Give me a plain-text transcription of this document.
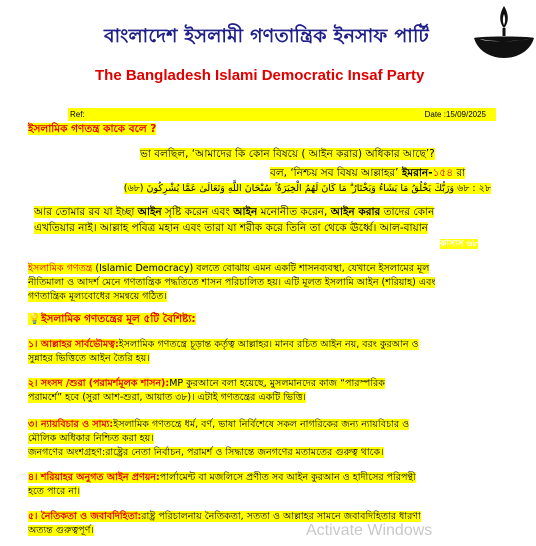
বাংলাদেশ ইসলামী গণতান্ত্রিক ইনসাফ পার্টি
The Bangladesh Islami Democratic Insaf Party
Ref:	Date :15/09/2025
ইসলামিক গণতন্ত্র কাকে বলে ?
ভা বলছিল, ‘আমাদের কি কোন বিষয়ে ( আইন করার) অধিকার আছে’?
বল, ‘নিশ্চয় সব বিষয় আল্লাহর’ ইমরান-১৫৪ রা
৬৮ : ২৮ وَرَبُّكَ يَخْلُقُ مَا يَشَاءُ وَيَخْتَارُ ۗ مَا كَانَ لَهُمُ الْخِيَرَةُ ۚ سُبْحَانَ اللَّهِ وَتَعَالَىٰ عَمَّا يُشْرِكُونَ (৬৮)
আর তোমার রব যা ইচ্ছা আইন সৃষ্টি করেন এবং আইন মনোনীত করেন, আইন করার তাদের কোন
এখতিয়ার নাই। আল্লাহ পবিত্র মহান এবং তারা যা শরীক করে তিনি তা থেকে ঊর্ধ্বে। আল-বায়ান
কাসাস ৬৮
ইসলামিক গণতন্ত্র (Islamic Democracy) বলতে বোঝায় এমন একটি শাসনব্যবস্থা, যেখানে ইসলামের মূল
নীতিমালা ও আদর্শ মেনে গণতান্ত্রিক পদ্ধতিতে শাসন পরিচালিত হয়। এটি মূলত ইসলামি আইন (শরিয়াহ) এবং
গণতান্ত্রিক মূল্যবোধের সমন্বয়ে গঠিত।
💡ইসলামিক গণতন্ত্রের মূল ৫টি বৈশিষ্ট্য:
১। আল্লাহর সার্বভৌমত্ব:ইসলামিক গণতন্ত্রে চূড়ান্ত কর্তৃত্ব আল্লাহর। মানব রচিত আইন নয়, বরং কুরআন ও
সুন্নাহর ভিত্তিতে আইন তৈরি হয়।
২। সংসদ /শুরা (পরামর্শমূলক শাসন):MP কুরআনে বলা হয়েছে, মুসলমানদের কাজ “পারস্পরিক
পরামর্শে” হবে (সুরা আশ-শুরা, আয়াত ৩৮)। এটাই গণতন্ত্রের একটি ভিত্তি।
৩। ন্যায়বিচার ও সাম্য:ইসলামিক গণতন্ত্রে ধর্ম, বর্ণ, ভাষা নির্বিশেষে সকল নাগরিকের জন্য ন্যায়বিচার ও
মৌলিক অধিকার নিশ্চিত করা হয়।
জনগণের অংশগ্রহণ:রাষ্ট্রের নেতা নির্বাচন, পরামর্শ ও সিদ্ধান্তে জনগণের মতামতের গুরুত্ব থাকে।
৪। শরিয়াহর অনুগত আইন প্রণয়ন:পার্লামেন্ট বা মজলিসে প্রণীত সব আইন কুরআন ও হাদীসের পরিপন্থী
হতে পারে না।
৫। নৈতিকতা ও জবাবদিহিতা:রাষ্ট্র পরিচালনায় নৈতিকতা, সততা ও আল্লাহর সামনে জবাবদিহিতার ধারণা
অত্যন্ত গুরুত্বপূর্ণ।	Activate Windows
